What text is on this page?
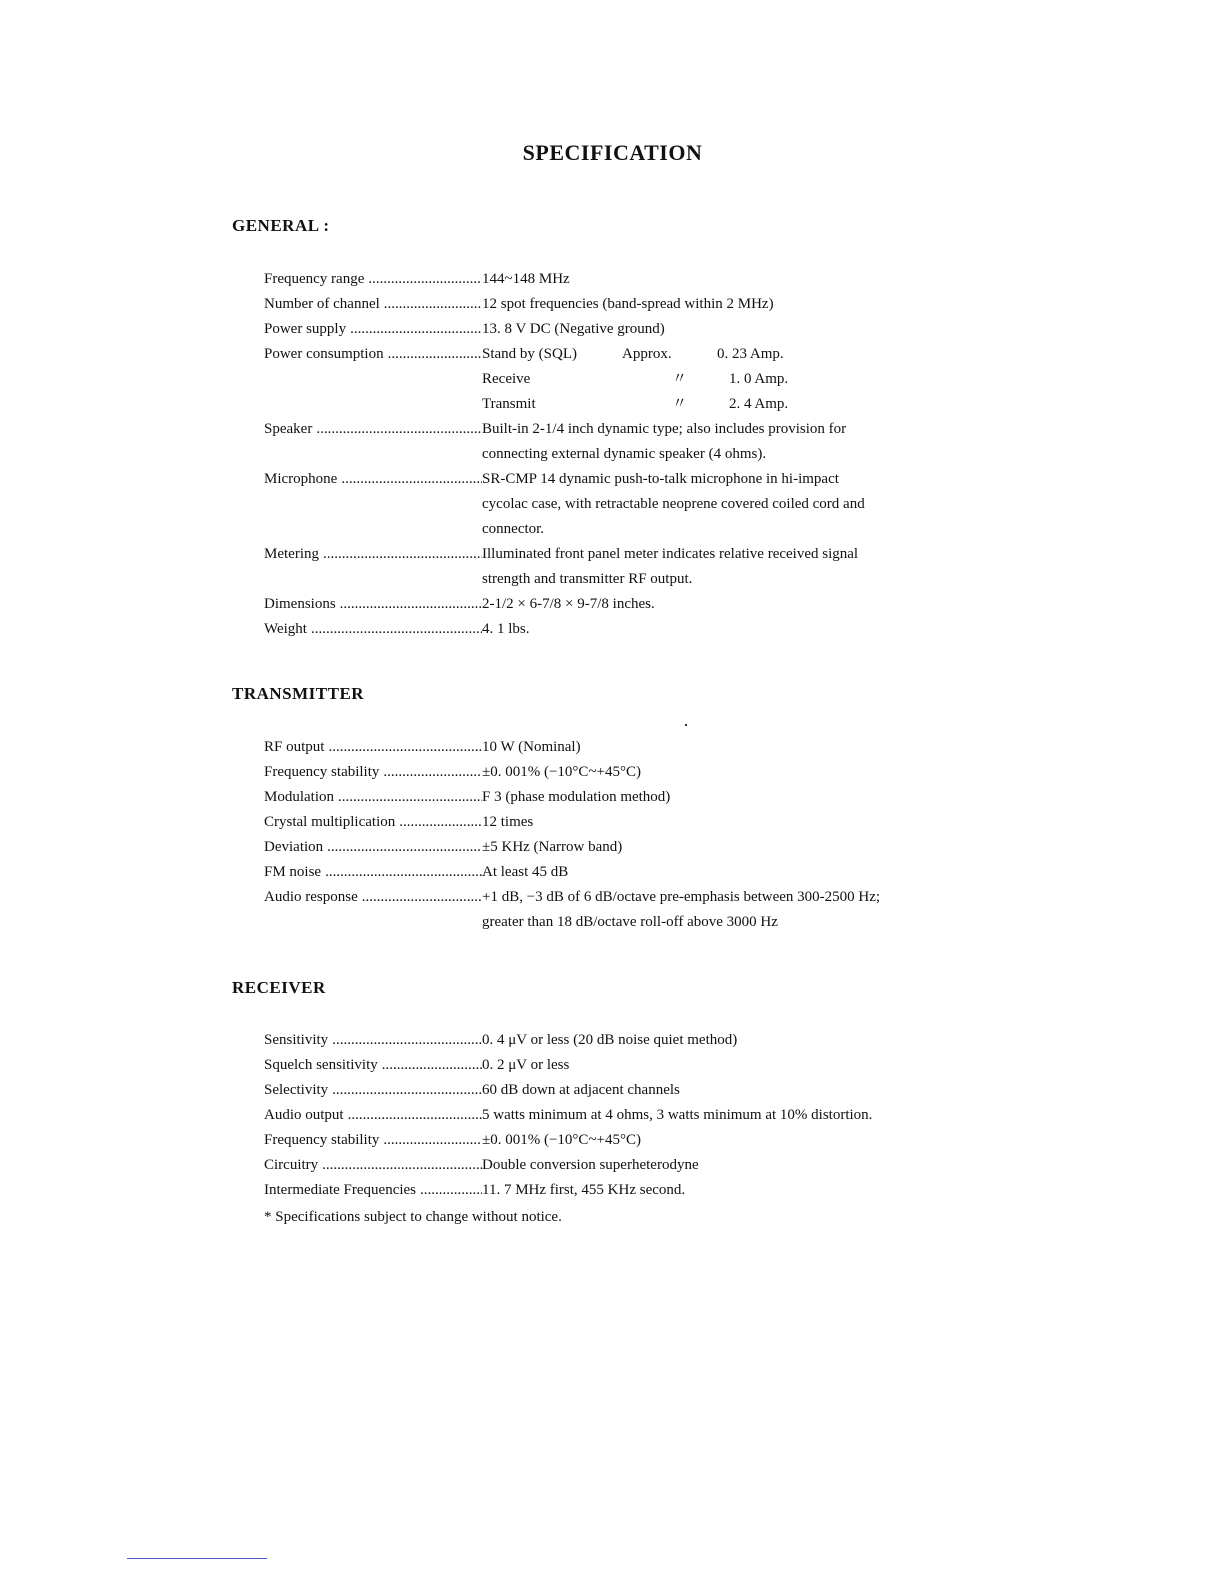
SPECIFICATION
GENERAL :
Frequency range .....	144~148 MHz
Number of channel .....	12 spot frequencies (band-spread within 2 MHz)
Power supply .....	13. 8 V DC (Negative ground)
Power consumption .....	Stand by (SQL)	Approx.	0. 23 Amp.
Receive	〃	1. 0 Amp.
Transmit	〃	2. 4 Amp.
Speaker .....	Built-in 2-1/4 inch dynamic type; also includes provision for
connecting external dynamic speaker (4 ohms).
Microphone .....	SR-CMP 14 dynamic push-to-talk microphone in hi-impact
cycolac case, with retractable neoprene covered coiled cord and
connector.
Metering .....	Illuminated front panel meter indicates relative received signal
strength and transmitter RF output.
Dimensions .....	2-1/2 × 6-7/8 × 9-7/8 inches.
Weight .....	4. 1 lbs.
TRANSMITTER
RF output .....	10 W (Nominal)
Frequency stability .....	±0. 001% (−10°C~+45°C)
Modulation .....	F 3 (phase modulation method)
Crystal multiplication .....	12 times
Deviation .....	±5 KHz (Narrow band)
FM noise .....	At least 45 dB
Audio response .....	+1 dB, −3 dB of 6 dB/octave pre-emphasis between 300-2500 Hz;
greater than 18 dB/octave roll-off above 3000 Hz
RECEIVER
Sensitivity .....	0. 4 μV or less (20 dB noise quiet method)
Squelch sensitivity .....	0. 2 μV or less
Selectivity .....	60 dB down at adjacent channels
Audio output .....	5 watts minimum at 4 ohms, 3 watts minimum at 10% distortion.
Frequency stability .....	±0. 001% (−10°C~+45°C)
Circuitry .....	Double conversion superheterodyne
Intermediate Frequencies .....	11. 7 MHz first, 455 KHz second.
* Specifications subject to change without notice.
